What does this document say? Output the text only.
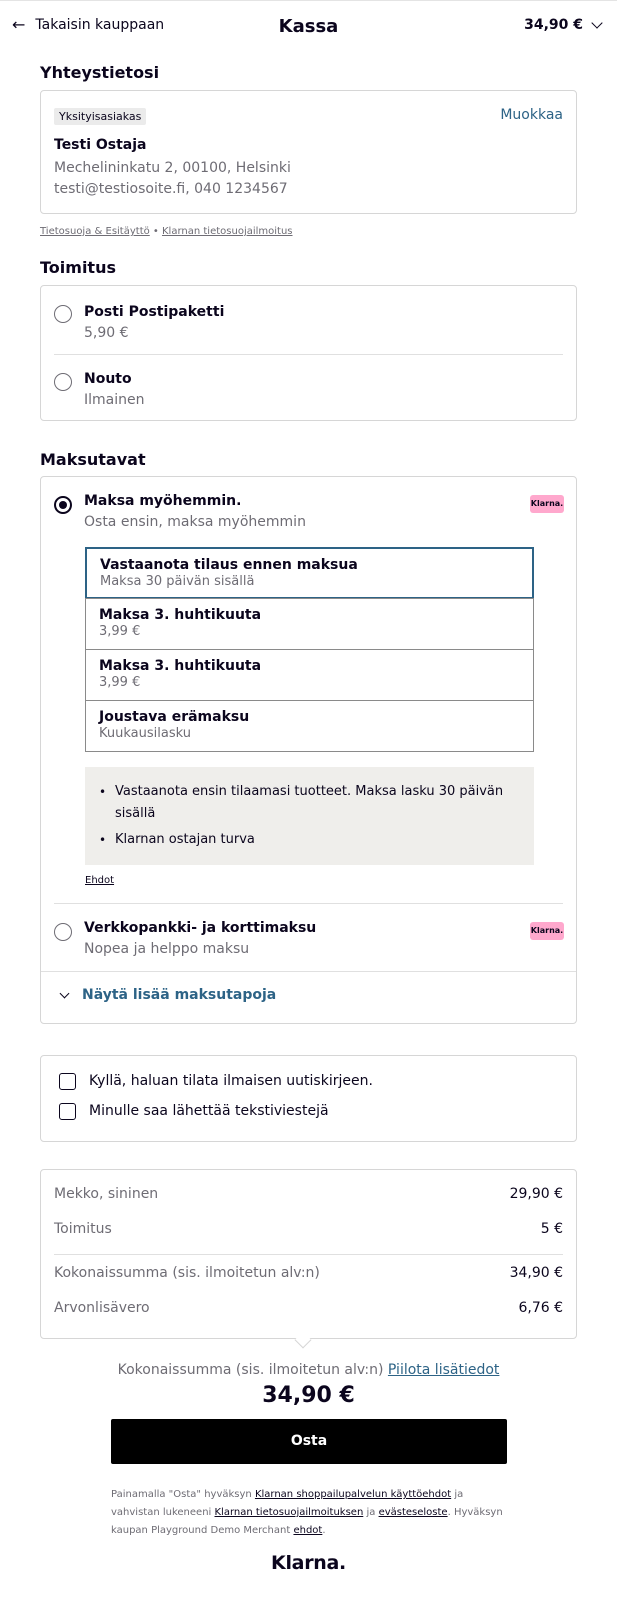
← Takaisin kauppaan	Kassa	34,90 €
Yhteystietosi
Yksityisasiakas	Muokkaa
Testi Ostaja
Mechelininkatu 2, 00100, Helsinki
testi@testiosoite.fi, 040 1234567
Tietosuoja & Esitäyttö • Klarnan tietosuojailmoitus
Toimitus
Posti Postipaketti
5,90 €
Nouto
Ilmainen
Maksutavat
Maksa myöhemmin.
Osta ensin, maksa myöhemmin
Klarna.
Vastaanota tilaus ennen maksua
Maksa 30 päivän sisällä
Maksa 3. huhtikuuta
3,99 €
Maksa 3. huhtikuuta
3,99 €
Joustava erämaksu
Kuukausilasku
• Vastaanota ensin tilaamasi tuotteet. Maksa lasku 30 päivän sisällä
• Klarnan ostajan turva
Ehdot
Verkkopankki- ja korttimaksu
Nopea ja helppo maksu
Klarna.
Näytä lisää maksutapoja
Kyllä, haluan tilata ilmaisen uutiskirjeen.
Minulle saa lähettää tekstiviestejä
Mekko, sininen	29,90 €
Toimitus	5 €
Kokonaissumma (sis. ilmoitetun alv:n)	34,90 €
Arvonlisävero	6,76 €
Kokonaissumma (sis. ilmoitetun alv:n) Piilota lisätiedot
34,90 €
Osta
Painamalla "Osta" hyväksyn Klarnan shoppailupalvelun käyttöehdot ja vahvistan lukeneeni Klarnan tietosuojailmoituksen ja evästeseloste. Hyväksyn kaupan Playground Demo Merchant ehdot.
Klarna.
